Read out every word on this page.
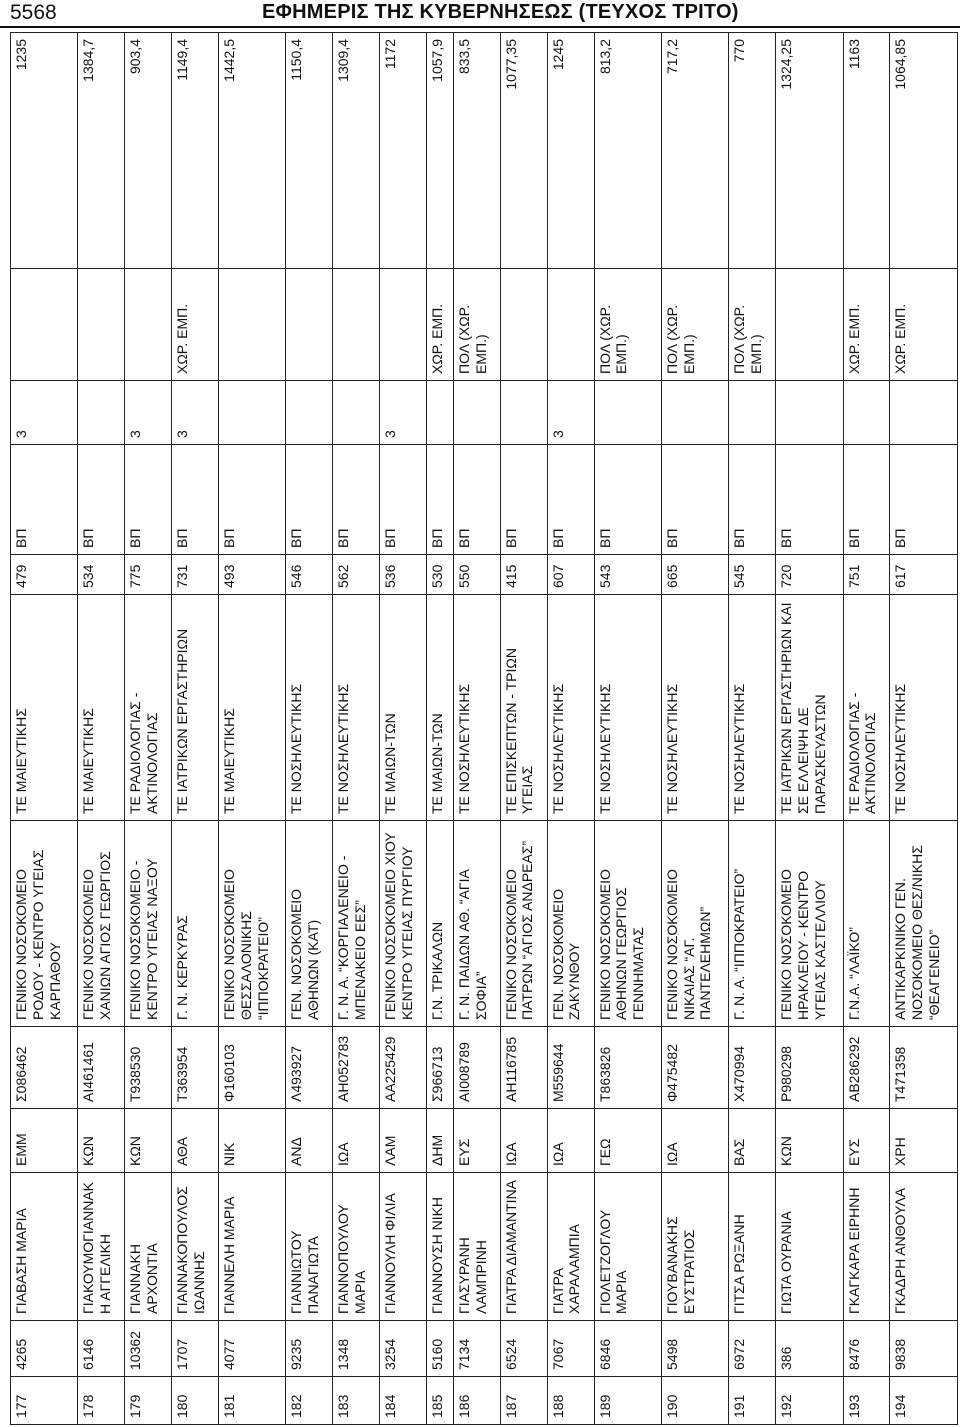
5568	ΕΦΗΜΕΡΙΣ ΤΗΣ ΚΥΒΕΡΝΗΣΕΩΣ (ΤΕΥΧΟΣ ΤΡΙΤΟ)
177	4265	ΓΙΑΒΑΣΗ ΜΑΡΙΑ	ΕΜΜ	Σ086462	ΓΕΝΙΚΟ ΝΟΣΟΚΟΜΕΙΟ ΡΟΔΟΥ - ΚΕΝΤΡΟ ΥΓΕΙΑΣ ΚΑΡΠΑΘΟΥ	ΤΕ ΜΑΙΕΥΤΙΚΗΣ	479	ΒΠ	3		1235
178	6146	ΓΙΑΚΟΥΜΟΓΙΑΝΝΑΚΗ ΑΓΓΕΛΙΚΗ	ΚΩΝ	ΑΙ461461	ΓΕΝΙΚΟ ΝΟΣΟΚΟΜΕΙΟ ΧΑΝΙΩΝ ΑΓΙΟΣ ΓΕΩΡΓΙΟΣ	ΤΕ ΜΑΙΕΥΤΙΚΗΣ	534	ΒΠ			1384,7
179	10362	ΓΙΑΝΝΑΚΗ ΑΡΧΟΝΤΙΑ	ΚΩΝ	Τ938530	ΓΕΝΙΚΟ ΝΟΣΟΚΟΜΕΙΟ - ΚΕΝΤΡΟ ΥΓΕΙΑΣ ΝΑΞΟΥ	ΤΕ ΡΑΔΙΟΛΟΓΙΑΣ - ΑΚΤΙΝΟΛΟΓΙΑΣ	775	ΒΠ	3		903,4
180	1707	ΓΙΑΝΝΑΚΟΠΟΥΛΟΣ ΙΩΑΝΝΗΣ	ΑΘΑ	Τ363954	Γ. Ν. ΚΕΡΚΥΡΑΣ	ΤΕ ΙΑΤΡΙΚΩΝ ΕΡΓΑΣΤΗΡΙΩΝ	731	ΒΠ	3	ΧΩΡ. ΕΜΠ.	1149,4
181	4077	ΓΙΑΝΝΕΛΗ ΜΑΡΙΑ	ΝΙΚ	Φ160103	ΓΕΝΙΚΟ ΝΟΣΟΚΟΜΕΙΟ ΘΕΣΣΑΛΟΝΙΚΗΣ “ΙΠΠΟΚΡΑΤΕΙΟ”	ΤΕ ΜΑΙΕΥΤΙΚΗΣ	493	ΒΠ			1442,5
182	9235	ΓΙΑΝΝΙΩΤΟΥ ΠΑΝΑΓΙΩΤΑ	ΑΝΔ	Λ493927	ΓΕΝ. ΝΟΣΟΚΟΜΕΙΟ ΑΘΗΝΩΝ (ΚΑΤ)	ΤΕ ΝΟΣΗΛΕΥΤΙΚΗΣ	546	ΒΠ			1150,4
183	1348	ΓΙΑΝΝΟΠΟΥΛΟΥ ΜΑΡΙΑ	ΙΩΑ	ΑΗ052783	Γ. Ν. Α. “ΚΟΡΓΙΑΛΕΝΕΙΟ - ΜΠΕΝΑΚΕΙΟ ΕΕΣ”	ΤΕ ΝΟΣΗΛΕΥΤΙΚΗΣ	562	ΒΠ			1309,4
184	3254	ΓΙΑΝΝΟΥΛΗ ΦΙΛΙΑ	ΛΑΜ	ΑΑ225429	ΓΕΝΙΚΟ ΝΟΣΟΚΟΜΕΙΟ ΧΙΟΥ ΚΕΝΤΡΟ ΥΓΕΙΑΣ ΠΥΡΓΙΟΥ	ΤΕ ΜΑΙΩΝ-ΤΩΝ	536	ΒΠ	3		1172
185	5160	ΓΙΑΝΝΟΥΣΗ ΝΙΚΗ	ΔΗΜ	Σ966713	Γ.Ν. ΤΡΙΚΑΛΩΝ	ΤΕ ΜΑΙΩΝ-ΤΩΝ	530	ΒΠ		ΧΩΡ. ΕΜΠ.	1057,9
186	7134	ΓΙΑΣΥΡΑΝΗ ΛΑΜΠΡΙΝΗ	ΕΥΣ	ΑΙ008789	Γ. Ν. ΠΑΙΔΩΝ ΑΘ. “ΑΓΙΑ ΣΟΦΙΑ”	ΤΕ ΝΟΣΗΛΕΥΤΙΚΗΣ	550	ΒΠ		ΠΟΛ (ΧΩΡ. ΕΜΠ.)	833,5
187	6524	ΓΙΑΤΡΑ ΔΙΑΜΑΝΤΙΝΑ	ΙΩΑ	ΑΗ116785	ΓΕΝΙΚΟ ΝΟΣΟΚΟΜΕΙΟ ΠΑΤΡΩΝ “ΑΓΙΟΣ ΑΝΔΡΕΑΣ”	ΤΕ ΕΠΙΣΚΕΠΤΩΝ - ΤΡΙΩΝ ΥΓΕΙΑΣ	415	ΒΠ			1077,35
188	7067	ΓΙΑΤΡΑ ΧΑΡΑΛΑΜΠΙΑ	ΙΩΑ	Μ559644	ΓΕΝ. ΝΟΣΟΚΟΜΕΙΟ ΖΑΚΥΝΘΟΥ	ΤΕ ΝΟΣΗΛΕΥΤΙΚΗΣ	607	ΒΠ	3		1245
189	6846	ΓΙΟΛΕΤΖΟΓΛΟΥ ΜΑΡΙΑ	ΓΕΩ	Τ863826	ΓΕΝΙΚΟ ΝΟΣΟΚΟΜΕΙΟ ΑΘΗΝΩΝ ΓΕΩΡΓΙΟΣ ΓΕΝΝΗΜΑΤΑΣ	ΤΕ ΝΟΣΗΛΕΥΤΙΚΗΣ	543	ΒΠ		ΠΟΛ (ΧΩΡ. ΕΜΠ.)	813,2
190	5498	ΓΙΟΥΒΑΝΑΚΗΣ ΕΥΣΤΡΑΤΙΟΣ	ΙΩΑ	Φ475482	ΓΕΝΙΚΟ ΝΟΣΟΚΟΜΕΙΟ ΝΙΚΑΙΑΣ “ΑΓ. ΠΑΝΤΕΛΕΗΜΩΝ”	ΤΕ ΝΟΣΗΛΕΥΤΙΚΗΣ	665	ΒΠ		ΠΟΛ (ΧΩΡ. ΕΜΠ.)	717,2
191	6972	ΓΙΤΣΑ ΡΩΞΑΝΗ	ΒΑΣ	Χ470994	Γ. Ν. Α. “ΙΠΠΟΚΡΑΤΕΙΟ”	ΤΕ ΝΟΣΗΛΕΥΤΙΚΗΣ	545	ΒΠ		ΠΟΛ (ΧΩΡ. ΕΜΠ.)	770
192	386	ΓΙΩΤΑ ΟΥΡΑΝΙΑ	ΚΩΝ	Ρ980298	ΓΕΝΙΚΟ ΝΟΣΟΚΟΜΕΙΟ ΗΡΑΚΛΕΙΟΥ - ΚΕΝΤΡΟ ΥΓΕΙΑΣ ΚΑΣΤΕΛΛΙΟΥ	ΤΕ ΙΑΤΡΙΚΩΝ ΕΡΓΑΣΤΗΡΙΩΝ ΚΑΙ ΣΕ ΕΛΛΕΙΨΗ ΔΕ ΠΑΡΑΣΚΕΥΑΣΤΩΝ	720	ΒΠ			1324,25
193	8476	ΓΚΑΓΚΑΡΑ ΕΙΡΗΝΗ	ΕΥΣ	ΑΒ286292	Γ.Ν.Α. “ΛΑΪΚΟ”	ΤΕ ΡΑΔΙΟΛΟΓΙΑΣ - ΑΚΤΙΝΟΛΟΓΙΑΣ	751	ΒΠ		ΧΩΡ. ΕΜΠ.	1163
194	9838	ΓΚΑΔΡΗ ΑΝΘΟΥΛΑ	ΧΡΗ	Τ471358	ΑΝΤΙΚΑΡΚΙΝΙΚΟ ΓΕΝ. ΝΟΣΟΚΟΜΕΙΟ ΘΕΣ/ΝΙΚΗΣ “ΘΕΑΓΕΝΕΙΟ”	ΤΕ ΝΟΣΗΛΕΥΤΙΚΗΣ	617	ΒΠ		ΧΩΡ. ΕΜΠ.	1064,85
